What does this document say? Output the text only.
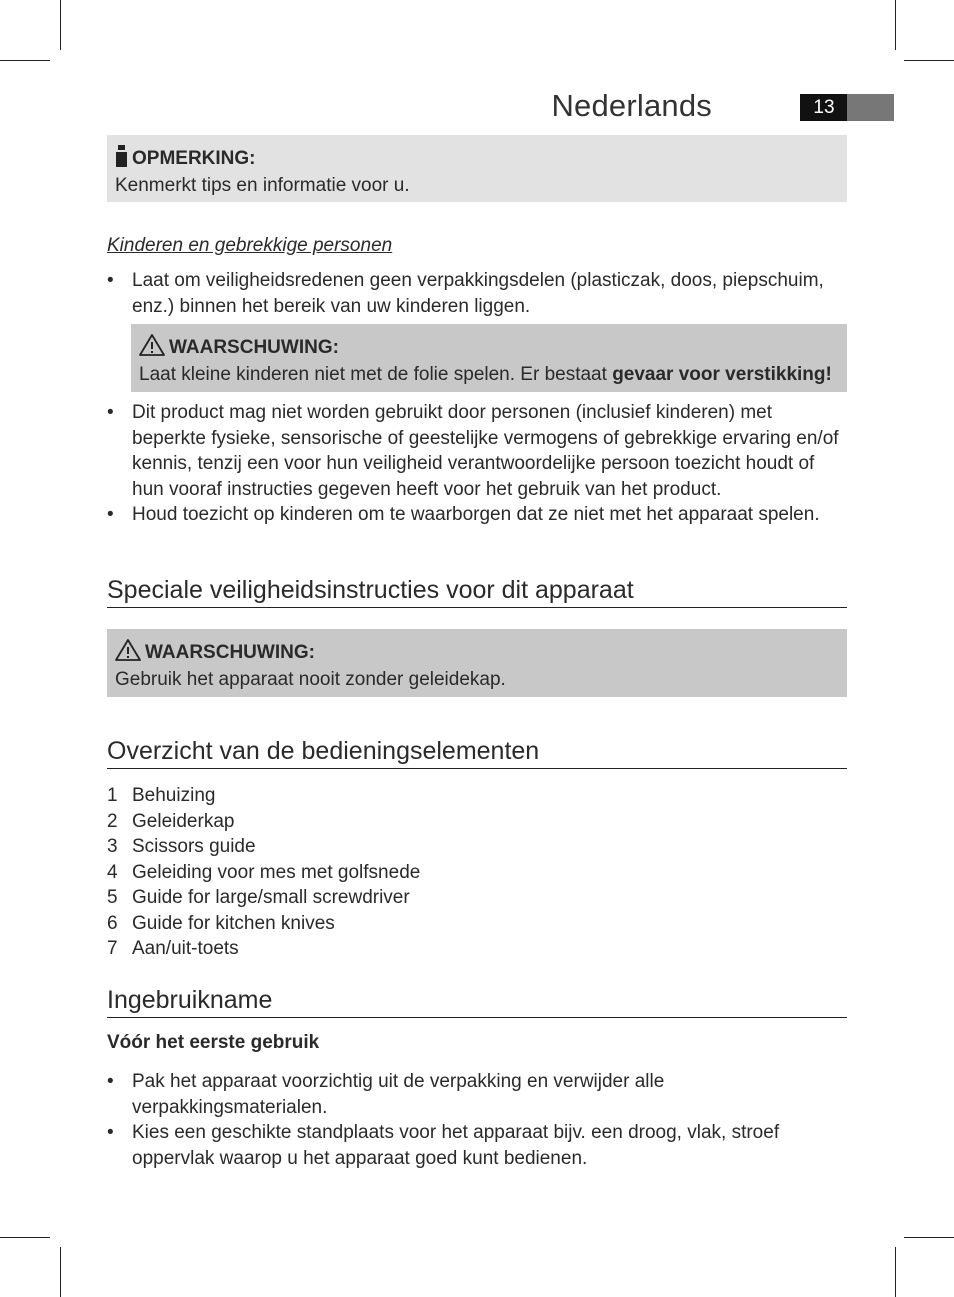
Nederlands	13
OPMERKING:
Kenmerkt tips en informatie voor u.
Kinderen en gebrekkige personen
• Laat om veiligheidsredenen geen verpakkingsdelen (plasticzak, doos, piepschuim, enz.) binnen het bereik van uw kinderen liggen.
WAARSCHUWING:
Laat kleine kinderen niet met de folie spelen. Er bestaat gevaar voor verstikking!
• Dit product mag niet worden gebruikt door personen (inclusief kinderen) met beperkte fysieke, sensorische of geestelijke vermogens of gebrekkige ervaring en/of kennis, tenzij een voor hun veiligheid verantwoordelijke persoon toezicht houdt of hun vooraf instructies gegeven heeft voor het gebruik van het product.
• Houd toezicht op kinderen om te waarborgen dat ze niet met het apparaat spelen.
Speciale veiligheidsinstructies voor dit apparaat
WAARSCHUWING:
Gebruik het apparaat nooit zonder geleidekap.
Overzicht van de bedieningselementen
1 Behuizing
2 Geleiderkap
3 Scissors guide
4 Geleiding voor mes met golfsnede
5 Guide for large/small screwdriver
6 Guide for kitchen knives
7 Aan/uit-toets
Ingebruikname
Vóór het eerste gebruik
• Pak het apparaat voorzichtig uit de verpakking en verwijder alle verpakkingsmaterialen.
• Kies een geschikte standplaats voor het apparaat bijv. een droog, vlak, stroef oppervlak waarop u het apparaat goed kunt bedienen.
